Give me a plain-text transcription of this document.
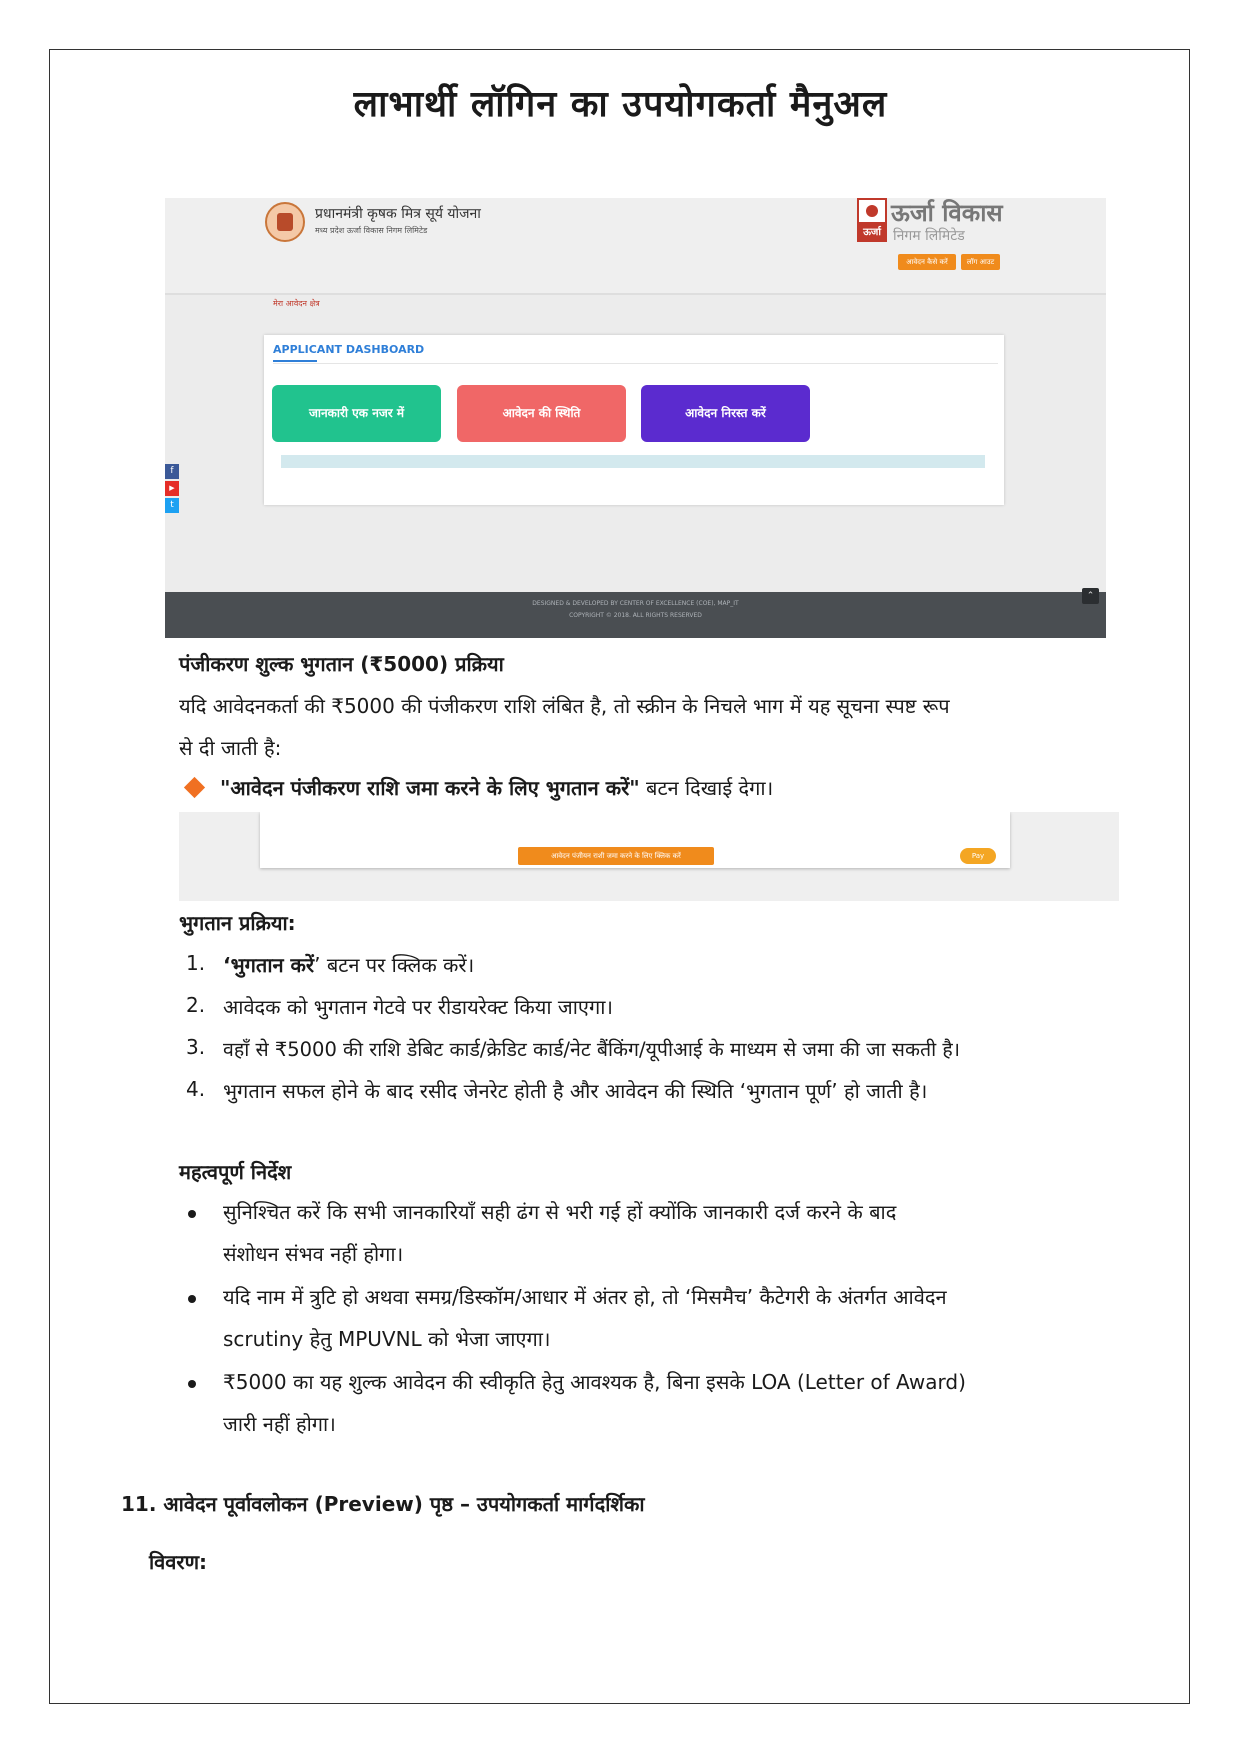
लाभार्थी लॉगिन का उपयोगकर्ता मैनुअल
प्रधानमंत्री कृषक मित्र सूर्य योजना
मध्य प्रदेश ऊर्जा विकास निगम लिमिटेड	ऊर्जा
ऊर्जा विकास
निगम लिमिटेड
आवेदन कैसे करें	लॉग आउट
मेरा आवेदन क्षेत्र
f
▶
t
APPLICANT DASHBOARD
जानकारी एक नजर में	आवेदन की स्थिति	आवेदन निरस्त करें
⌃
DESIGNED & DEVELOPED BY CENTER OF EXCELLENCE (COE), MAP_IT
COPYRIGHT © 2018. ALL RIGHTS RESERVED
पंजीकरण शुल्क भुगतान (₹5000) प्रक्रिया
यदि आवेदनकर्ता की ₹5000 की पंजीकरण राशि लंबित है, तो स्क्रीन के निचले भाग में यह सूचना स्पष्ट रूप
से दी जाती है:
"आवेदन पंजीकरण राशि जमा करने के लिए भुगतान करें" बटन दिखाई देगा।
आवेदन पंजीयन राशी जमा करने के लिए क्लिक करें	Pay
भुगतान प्रक्रिया:
1. ‘भुगतान करें’ बटन पर क्लिक करें।
2. आवेदक को भुगतान गेटवे पर रीडायरेक्ट किया जाएगा।
3. वहाँ से ₹5000 की राशि डेबिट कार्ड/क्रेडिट कार्ड/नेट बैंकिंग/यूपीआई के माध्यम से जमा की जा सकती है।
4. भुगतान सफल होने के बाद रसीद जेनरेट होती है और आवेदन की स्थिति ‘भुगतान पूर्ण’ हो जाती है।
महत्वपूर्ण निर्देश
सुनिश्चित करें कि सभी जानकारियाँ सही ढंग से भरी गई हों क्योंकि जानकारी दर्ज करने के बाद
संशोधन संभव नहीं होगा।
यदि नाम में त्रुटि हो अथवा समग्र/डिस्कॉम/आधार में अंतर हो, तो ‘मिसमैच’ कैटेगरी के अंतर्गत आवेदन
scrutiny हेतु MPUVNL को भेजा जाएगा।
₹5000 का यह शुल्क आवेदन की स्वीकृति हेतु आवश्यक है, बिना इसके LOA (Letter of Award)
जारी नहीं होगा।
11. आवेदन पूर्वावलोकन (Preview) पृष्ठ – उपयोगकर्ता मार्गदर्शिका
विवरण:
